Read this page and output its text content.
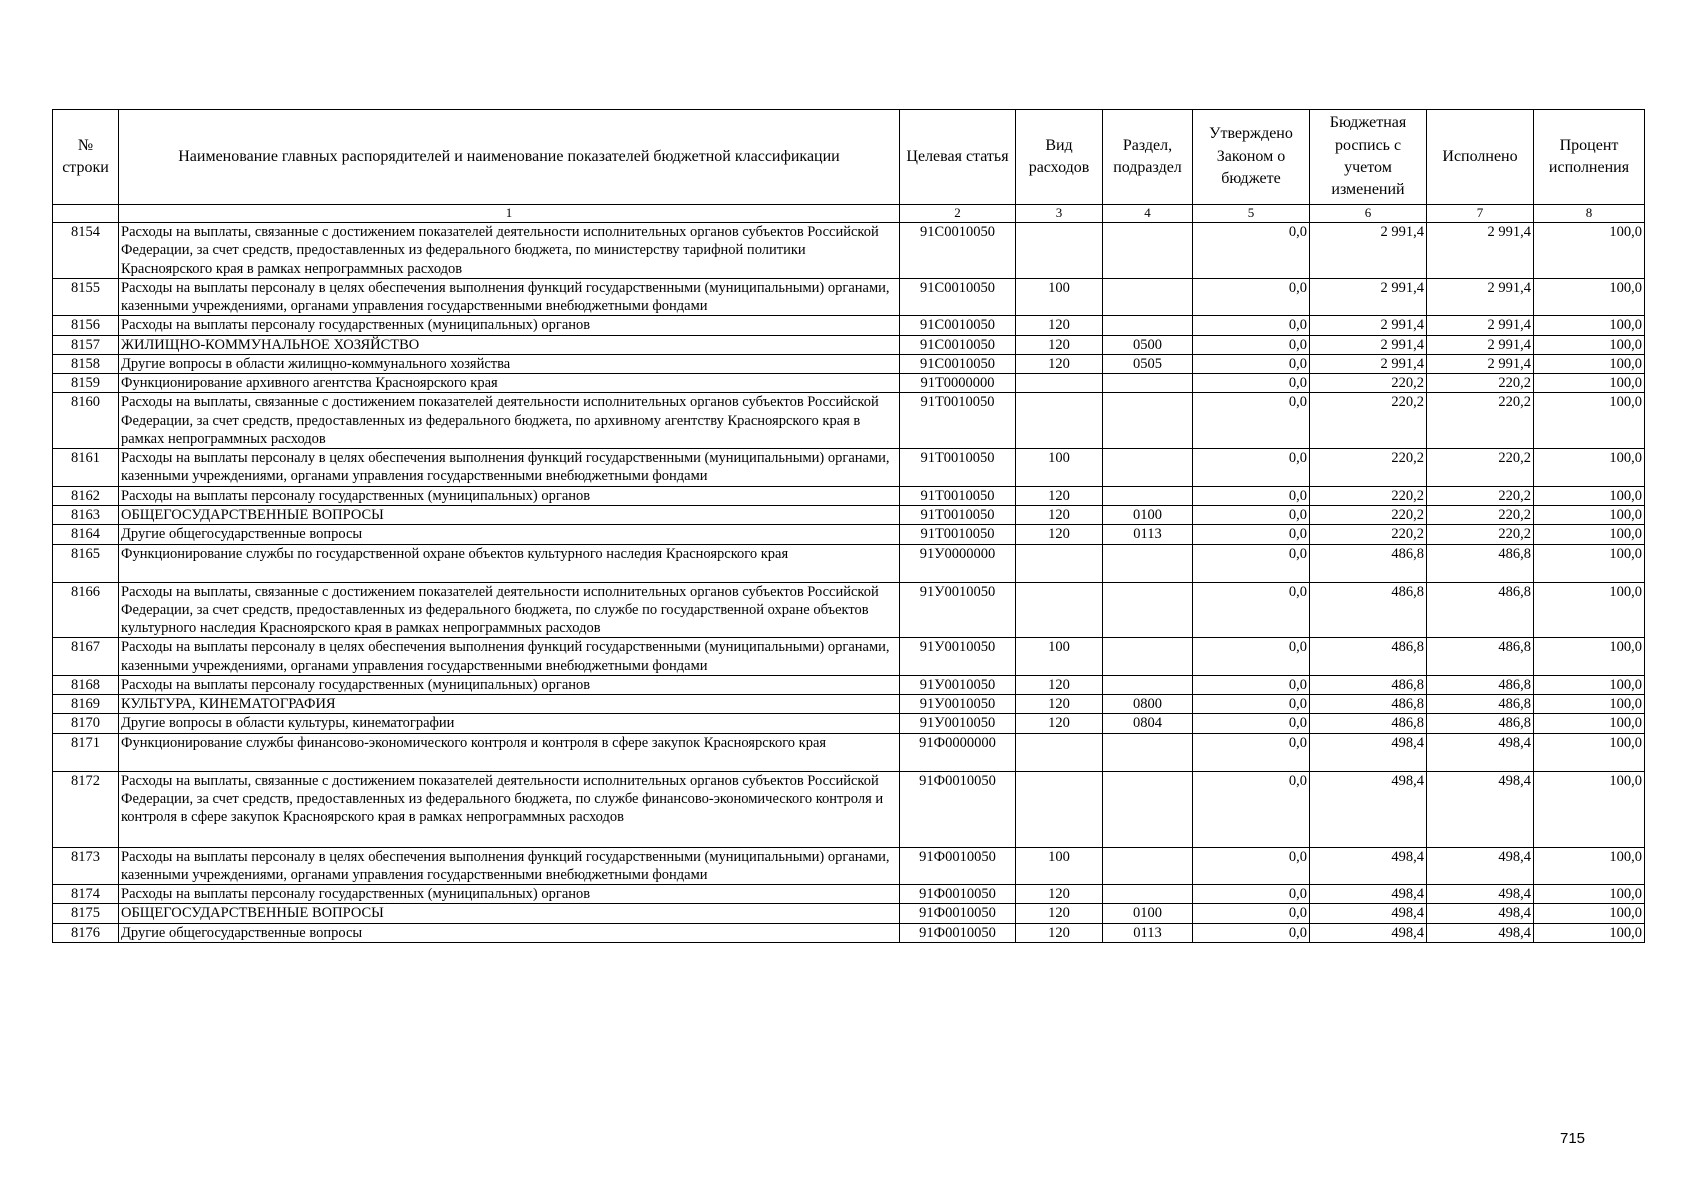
№ строки	Наименование главных распорядителей и наименование показателей бюджетной классификации	Целевая статья	Вид расходов	Раздел, подраздел	Утверждено Законом о бюджете	Бюджетная роспись с учетом изменений	Исполнено	Процент исполнения
	1	2	3	4	5	6	7	8
8154	Расходы на выплаты, связанные с достижением показателей деятельности исполнительных органов субъектов Российской Федерации, за счет средств, предоставленных из федерального бюджета, по министерству тарифной политики Красноярского края в рамках непрограммных расходов	91С0010050			0,0	2 991,4	2 991,4	100,0
8155	Расходы на выплаты персоналу в целях обеспечения выполнения функций государственными (муниципальными) органами, казенными учреждениями, органами управления государственными внебюджетными фондами	91С0010050	100		0,0	2 991,4	2 991,4	100,0
8156	Расходы на выплаты персоналу государственных (муниципальных) органов	91С0010050	120		0,0	2 991,4	2 991,4	100,0
8157	ЖИЛИЩНО-КОММУНАЛЬНОЕ ХОЗЯЙСТВО	91С0010050	120	0500	0,0	2 991,4	2 991,4	100,0
8158	Другие вопросы в области жилищно-коммунального хозяйства	91С0010050	120	0505	0,0	2 991,4	2 991,4	100,0
8159	Функционирование архивного агентства Красноярского края	91Т0000000			0,0	220,2	220,2	100,0
8160	Расходы на выплаты, связанные с достижением показателей деятельности исполнительных органов субъектов Российской Федерации, за счет средств, предоставленных из федерального бюджета, по архивному агентству Красноярского края в рамках непрограммных расходов	91Т0010050			0,0	220,2	220,2	100,0
8161	Расходы на выплаты персоналу в целях обеспечения выполнения функций государственными (муниципальными) органами, казенными учреждениями, органами управления государственными внебюджетными фондами	91Т0010050	100		0,0	220,2	220,2	100,0
8162	Расходы на выплаты персоналу государственных (муниципальных) органов	91Т0010050	120		0,0	220,2	220,2	100,0
8163	ОБЩЕГОСУДАРСТВЕННЫЕ ВОПРОСЫ	91Т0010050	120	0100	0,0	220,2	220,2	100,0
8164	Другие общегосударственные вопросы	91Т0010050	120	0113	0,0	220,2	220,2	100,0
8165	Функционирование службы по государственной охране объектов культурного наследия Красноярского края	91У0000000			0,0	486,8	486,8	100,0
8166	Расходы на выплаты, связанные с достижением показателей деятельности исполнительных органов субъектов Российской Федерации, за счет средств, предоставленных из федерального бюджета, по службе по государственной охране объектов культурного наследия Красноярского края в рамках непрограммных расходов	91У0010050			0,0	486,8	486,8	100,0
8167	Расходы на выплаты персоналу в целях обеспечения выполнения функций государственными (муниципальными) органами, казенными учреждениями, органами управления государственными внебюджетными фондами	91У0010050	100		0,0	486,8	486,8	100,0
8168	Расходы на выплаты персоналу государственных (муниципальных) органов	91У0010050	120		0,0	486,8	486,8	100,0
8169	КУЛЬТУРА, КИНЕМАТОГРАФИЯ	91У0010050	120	0800	0,0	486,8	486,8	100,0
8170	Другие вопросы в области культуры, кинематографии	91У0010050	120	0804	0,0	486,8	486,8	100,0
8171	Функционирование службы финансово-экономического контроля и контроля в сфере закупок Красноярского края	91Ф0000000			0,0	498,4	498,4	100,0
8172	Расходы на выплаты, связанные с достижением показателей деятельности исполнительных органов субъектов Российской Федерации, за счет средств, предоставленных из федерального бюджета, по службе финансово-экономического контроля и контроля в сфере закупок Красноярского края в рамках непрограммных расходов	91Ф0010050			0,0	498,4	498,4	100,0
8173	Расходы на выплаты персоналу в целях обеспечения выполнения функций государственными (муниципальными) органами, казенными учреждениями, органами управления государственными внебюджетными фондами	91Ф0010050	100		0,0	498,4	498,4	100,0
8174	Расходы на выплаты персоналу государственных (муниципальных) органов	91Ф0010050	120		0,0	498,4	498,4	100,0
8175	ОБЩЕГОСУДАРСТВЕННЫЕ ВОПРОСЫ	91Ф0010050	120	0100	0,0	498,4	498,4	100,0
8176	Другие общегосударственные вопросы	91Ф0010050	120	0113	0,0	498,4	498,4	100,0
715
